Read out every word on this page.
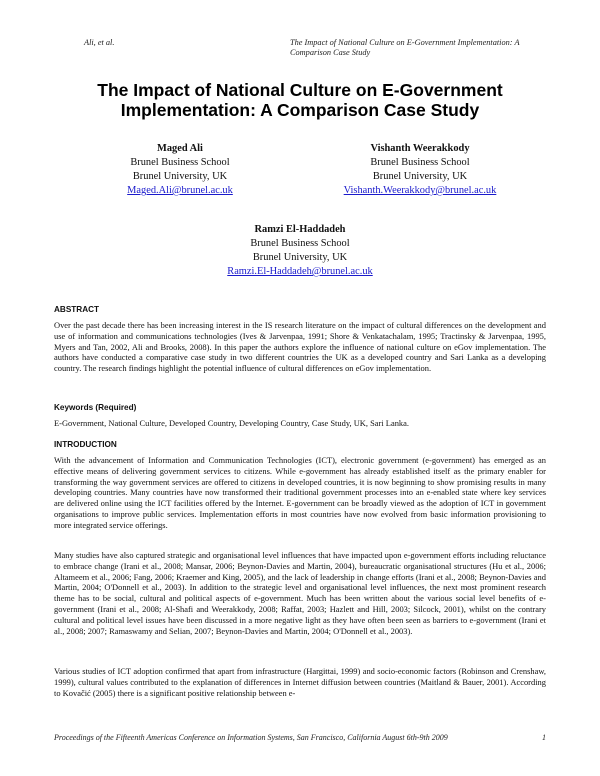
Ali, et al.	The Impact of National Culture on E-Government Implementation: A Comparison Case Study
The Impact of National Culture on E-Government Implementation: A Comparison Case Study
Maged Ali
Brunel Business School
Brunel University, UK
Maged.Ali@brunel.ac.uk
Vishanth Weerakkody
Brunel Business School
Brunel University, UK
Vishanth.Weerakkody@brunel.ac.uk
Ramzi El-Haddadeh
Brunel Business School
Brunel University, UK
Ramzi.El-Haddadeh@brunel.ac.uk
ABSTRACT

Over the past decade there has been increasing interest in the IS research literature on the impact of cultural differences on the development and use of information and communications technologies (Ives & Jarvenpaa, 1991; Shore & Venkatachalam, 1995; Tractinsky & Jarvenpaa, 1995, Myers and Tan, 2002, Ali and Brooks, 2008). In this paper the authors explore the influence of national culture on eGov implementation. The authors have conducted a comparative case study in two different countries the UK as a developed country and Sari Lanka as a developing country. The research findings highlight the potential influence of cultural differences on eGov implementation.

Keywords (Required)

E-Government, National Culture, Developed Country, Developing Country, Case Study, UK, Sari Lanka.

INTRODUCTION

With the advancement of Information and Communication Technologies (ICT), electronic government (e-government) has emerged as an effective means of delivering government services to citizens. While e-government has already established itself as the primary enabler for transforming the way government services are offered to citizens in developed countries, it is now beginning to show promising results in many developing countries. Many countries have now transformed their traditional government processes into an e-enabled state where key services are delivered online using the ICT facilities offered by the Internet. E-government can be broadly viewed as the adoption of ICT in government organisations to improve public services. Implementation efforts in most countries have now evolved from basic information provisioning to more integrated service offerings.

Many studies have also captured strategic and organisational level influences that have impacted upon e-government efforts including reluctance to embrace change (Irani et al., 2008; Mansar, 2006; Beynon-Davies and Martin, 2004), bureaucratic organisational structures (Hu et al., 2006; Altameem et al., 2006; Fang, 2006; Kraemer and King, 2005), and the lack of leadership in change efforts (Irani et al., 2008; Beynon-Davies and Martin, 2004; O'Donnell et al., 2003). In addition to the strategic level and organisational level influences, the next most prominent research theme has to be social, cultural and political aspects of e-government. Much has been written about the various social level benefits of e-government (Irani et al., 2008; Al-Shafi and Weerakkody, 2008; Raffat, 2003; Hazlett and Hill, 2003; Silcock, 2001), whilst on the contrary cultural and political level issues have been discussed in a more negative light as they have often been seen as barriers to e-government (Irani et al., 2008; 2007; Ramaswamy and Selian, 2007; Beynon-Davies and Martin, 2004; O'Donnell et al., 2003).

Various studies of ICT adoption confirmed that apart from infrastructure (Hargittai, 1999) and socio-economic factors (Robinson and Crenshaw, 1999), cultural values contributed to the explanation of differences in Internet diffusion between countries (Maitland & Bauer, 2001). According to Kovačić (2005) there is a significant positive relationship between e-

Proceedings of the Fifteenth Americas Conference on Information Systems, San Francisco, California August 6th-9th 2009	1
